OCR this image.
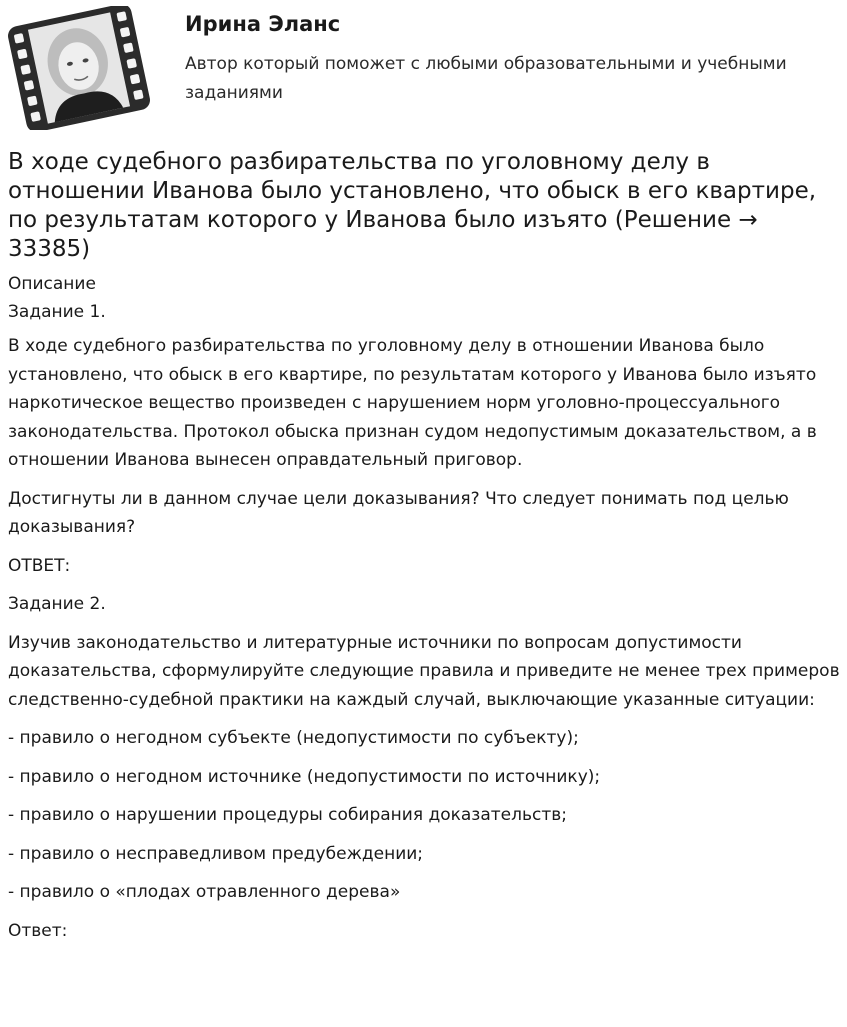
Ирина Эланс
Автор который поможет с любыми образовательными и учебными заданиями
В ходе судебного разбирательства по уголовному делу в отношении Иванова было установлено, что обыск в его квартире, по результатам которого у Иванова было изъято (Решение → 33385)
Описание
Задание 1.

В ходе судебного разбирательства по уголовному делу в отношении Иванова было установлено, что обыск в его квартире, по результатам которого у Иванова было изъято наркотическое вещество произведен с нарушением норм уголовно-процессуального законодательства. Протокол обыска признан судом недопустимым доказательством, а в отношении Иванова вынесен оправдательный приговор.

Достигнуты ли в данном случае цели доказывания? Что следует понимать под целью доказывания?

ОТВЕТ:

Задание 2.

Изучив законодательство и литературные источники по вопросам допустимости доказательства, сформулируйте следующие правила и приведите не менее трех примеров следственно-судебной практики на каждый случай, выключающие указанные ситуации:

- правило о негодном субъекте (недопустимости по субъекту);

- правило о негодном источнике (недопустимости по источнику);

- правило о нарушении процедуры собирания доказательств;

- правило о несправедливом предубеждении;

- правило о «плодах отравленного дерева»

Ответ:
